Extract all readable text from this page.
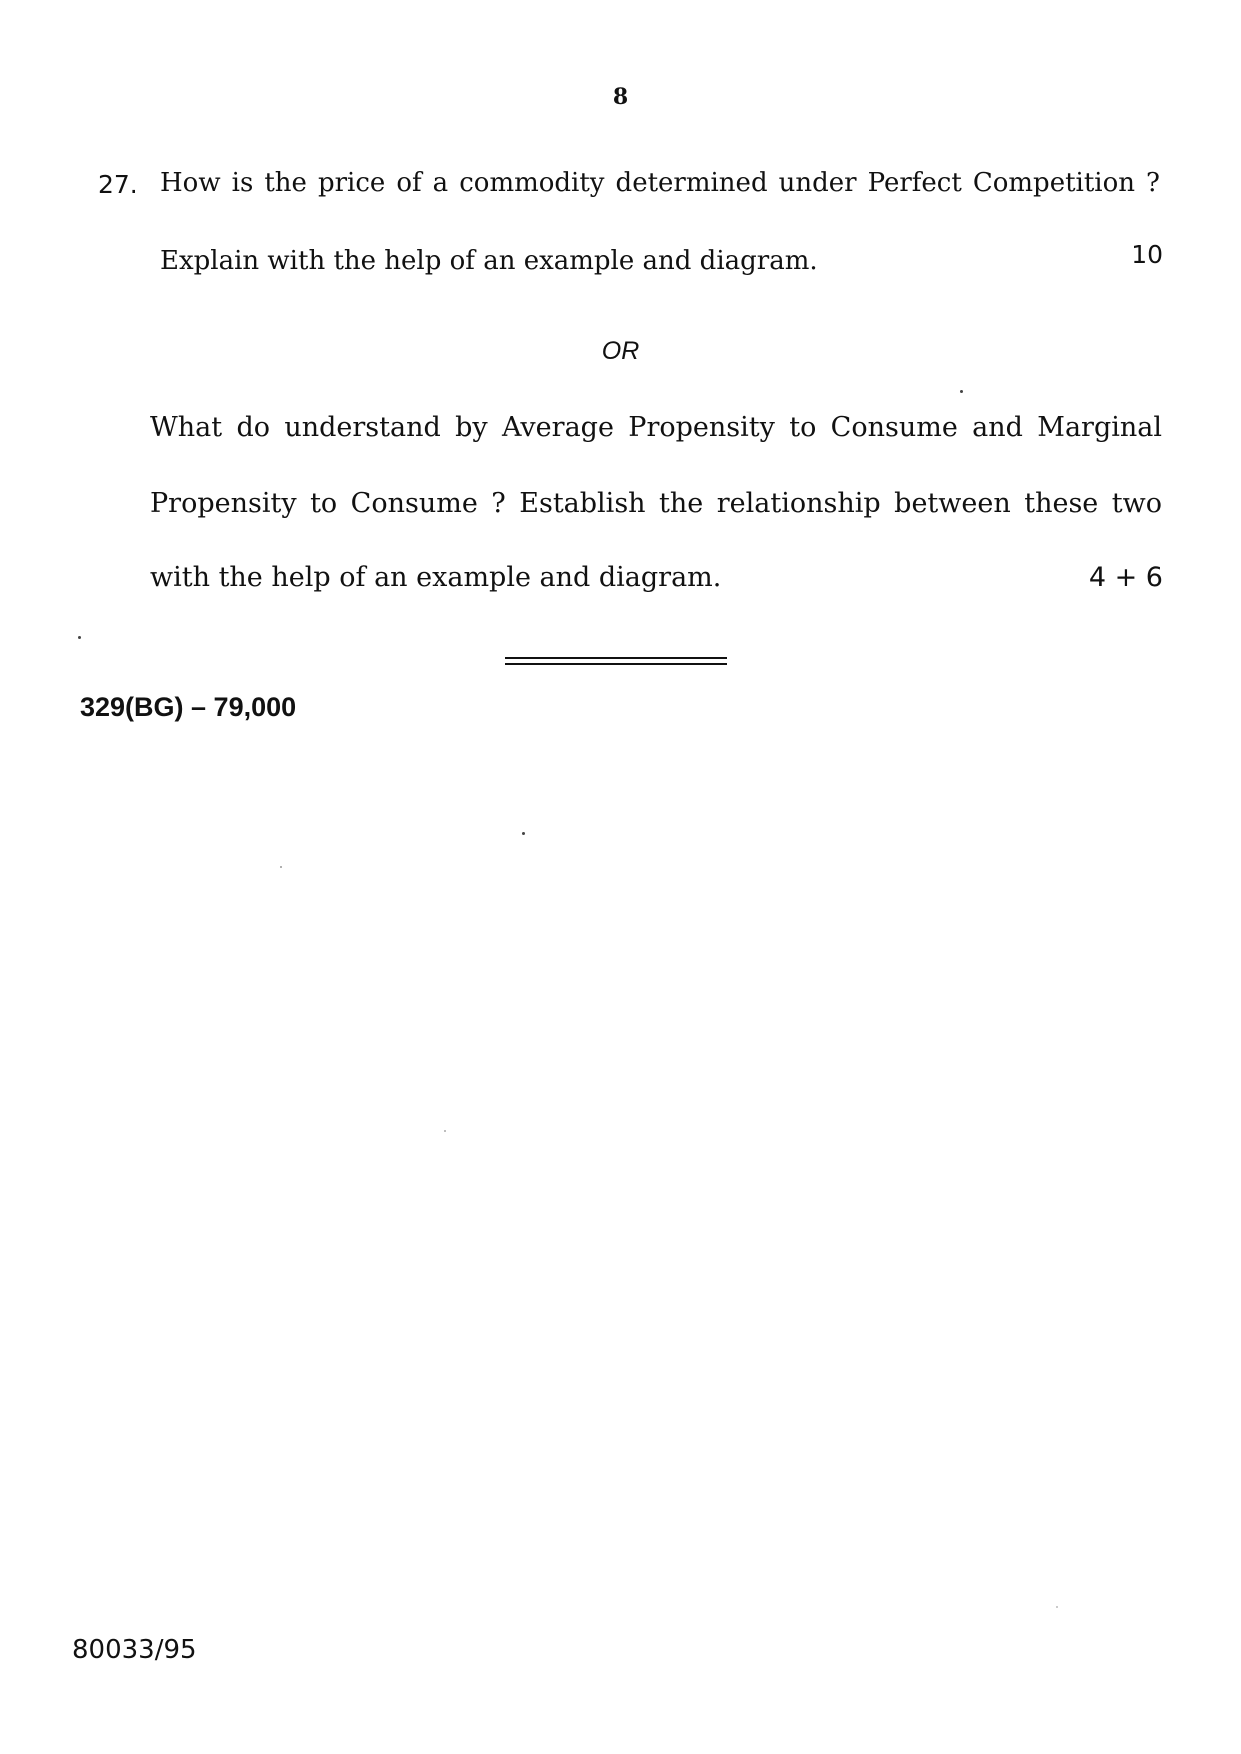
8
27. How is the price of a commodity determined under Perfect Competition ?
Explain with the help of an example and diagram.	10
OR
What do understand by Average Propensity to Consume and Marginal
Propensity to Consume ? Establish the relationship between these two
with the help of an example and diagram.	4 + 6
329(BG) – 79,000
80033/95
